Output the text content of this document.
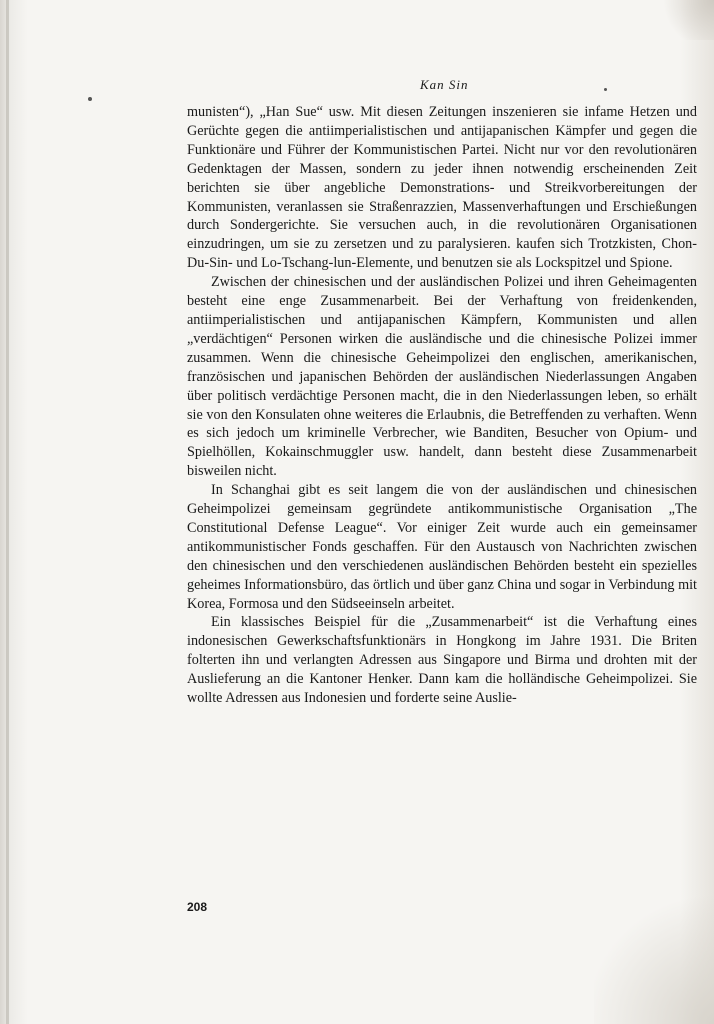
Kan Sin

munisten“), „Han Sue“ usw. Mit diesen Zeitungen inszenieren sie infame Hetzen und Gerüchte gegen die antiimperialistischen und antijapanischen Kämpfer und gegen die Funktionäre und Führer der Kommunistischen Partei. Nicht nur vor den revolutionären Gedenktagen der Massen, sondern zu jeder ihnen notwendig erscheinenden Zeit berichten sie über angebliche Demonstrations- und Streikvorbereitungen der Kommunisten, veranlassen sie Straßenrazzien, Massenverhaftungen und Erschießungen durch Sondergerichte. Sie versuchen auch, in die revolutionären Organisationen einzudringen, um sie zu zersetzen und zu paralysieren. kaufen sich Trotzkisten, Chon-Du-Sin- und Lo-Tschang-lun-Elemente, und benutzen sie als Lockspitzel und Spione.

Zwischen der chinesischen und der ausländischen Polizei und ihren Geheimagenten besteht eine enge Zusammenarbeit. Bei der Verhaftung von freidenkenden, antiimperialistischen und antijapanischen Kämpfern, Kommunisten und allen „verdächtigen“ Personen wirken die ausländische und die chinesische Polizei immer zusammen. Wenn die chinesische Geheimpolizei den englischen, amerikanischen, französischen und japanischen Behörden der ausländischen Niederlassungen Angaben über politisch verdächtige Personen macht, die in den Niederlassungen leben, so erhält sie von den Konsulaten ohne weiteres die Erlaubnis, die Betreffenden zu verhaften. Wenn es sich jedoch um kriminelle Verbrecher, wie Banditen, Besucher von Opium- und Spielhöllen, Kokainschmuggler usw. handelt, dann besteht diese Zusammenarbeit bisweilen nicht.

In Schanghai gibt es seit langem die von der ausländischen und chinesischen Geheimpolizei gemeinsam gegründete antikommunistische Organisation „The Constitutional Defense League“. Vor einiger Zeit wurde auch ein gemeinsamer antikommunistischer Fonds geschaffen. Für den Austausch von Nachrichten zwischen den chinesischen und den verschiedenen ausländischen Behörden besteht ein spezielles geheimes Informationsbüro, das örtlich und über ganz China und sogar in Verbindung mit Korea, Formosa und den Südseeinseln arbeitet.

Ein klassisches Beispiel für die „Zusammenarbeit“ ist die Verhaftung eines indonesischen Gewerkschaftsfunktionärs in Hongkong im Jahre 1931. Die Briten folterten ihn und verlangten Adressen aus Singapore und Birma und drohten mit der Auslieferung an die Kantoner Henker. Dann kam die holländische Geheimpolizei. Sie wollte Adressen aus Indonesien und forderte seine Auslie-

208
